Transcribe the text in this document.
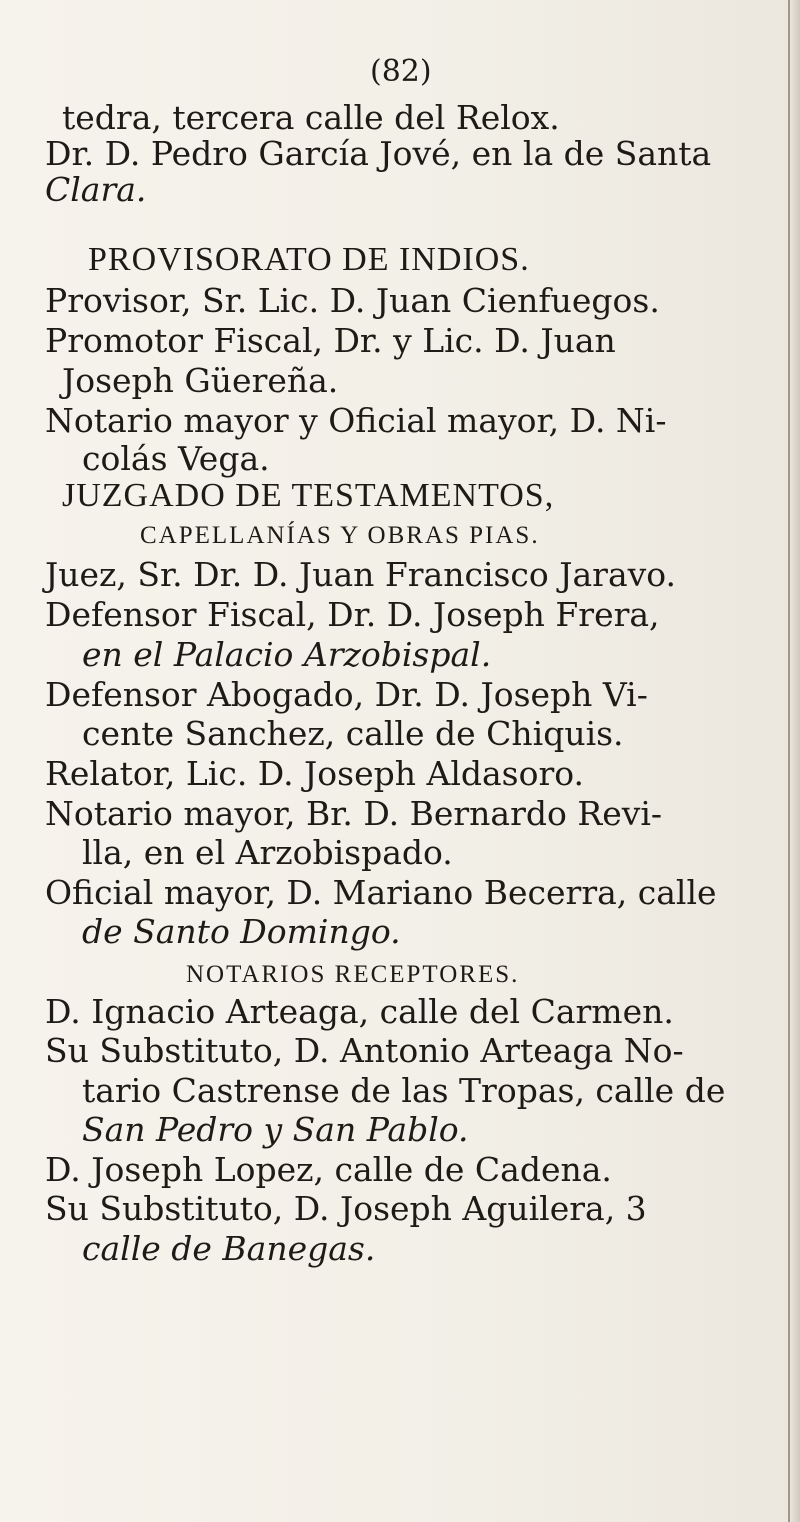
(82)
tedra, tercera calle del Relox.
Dr. D. Pedro García Jové, en la de Santa
Clara.
PROVISORATO DE INDIOS.
Provisor, Sr. Lic. D. Juan Cienfuegos.
Promotor Fiscal, Dr. y Lic. D. Juan
Joseph Güereña.
Notario mayor y Oficial mayor, D. Ni-
colás Vega.
JUZGADO DE TESTAMENTOS,
CAPELLANÍAS Y OBRAS PIAS.
Juez, Sr. Dr. D. Juan Francisco Jaravo.
Defensor Fiscal, Dr. D. Joseph Frera,
en el Palacio Arzobispal.
Defensor Abogado, Dr. D. Joseph Vi-
cente Sanchez, calle de Chiquis.
Relator, Lic. D. Joseph Aldasoro.
Notario mayor, Br. D. Bernardo Revi-
lla, en el Arzobispado.
Oficial mayor, D. Mariano Becerra, calle
de Santo Domingo.
NOTARIOS RECEPTORES.
D. Ignacio Arteaga, calle del Carmen.
Su Substituto, D. Antonio Arteaga No-
tario Castrense de las Tropas, calle de
San Pedro y San Pablo.
D. Joseph Lopez, calle de Cadena.
Su Substituto, D. Joseph Aguilera, 3
calle de Banegas.
